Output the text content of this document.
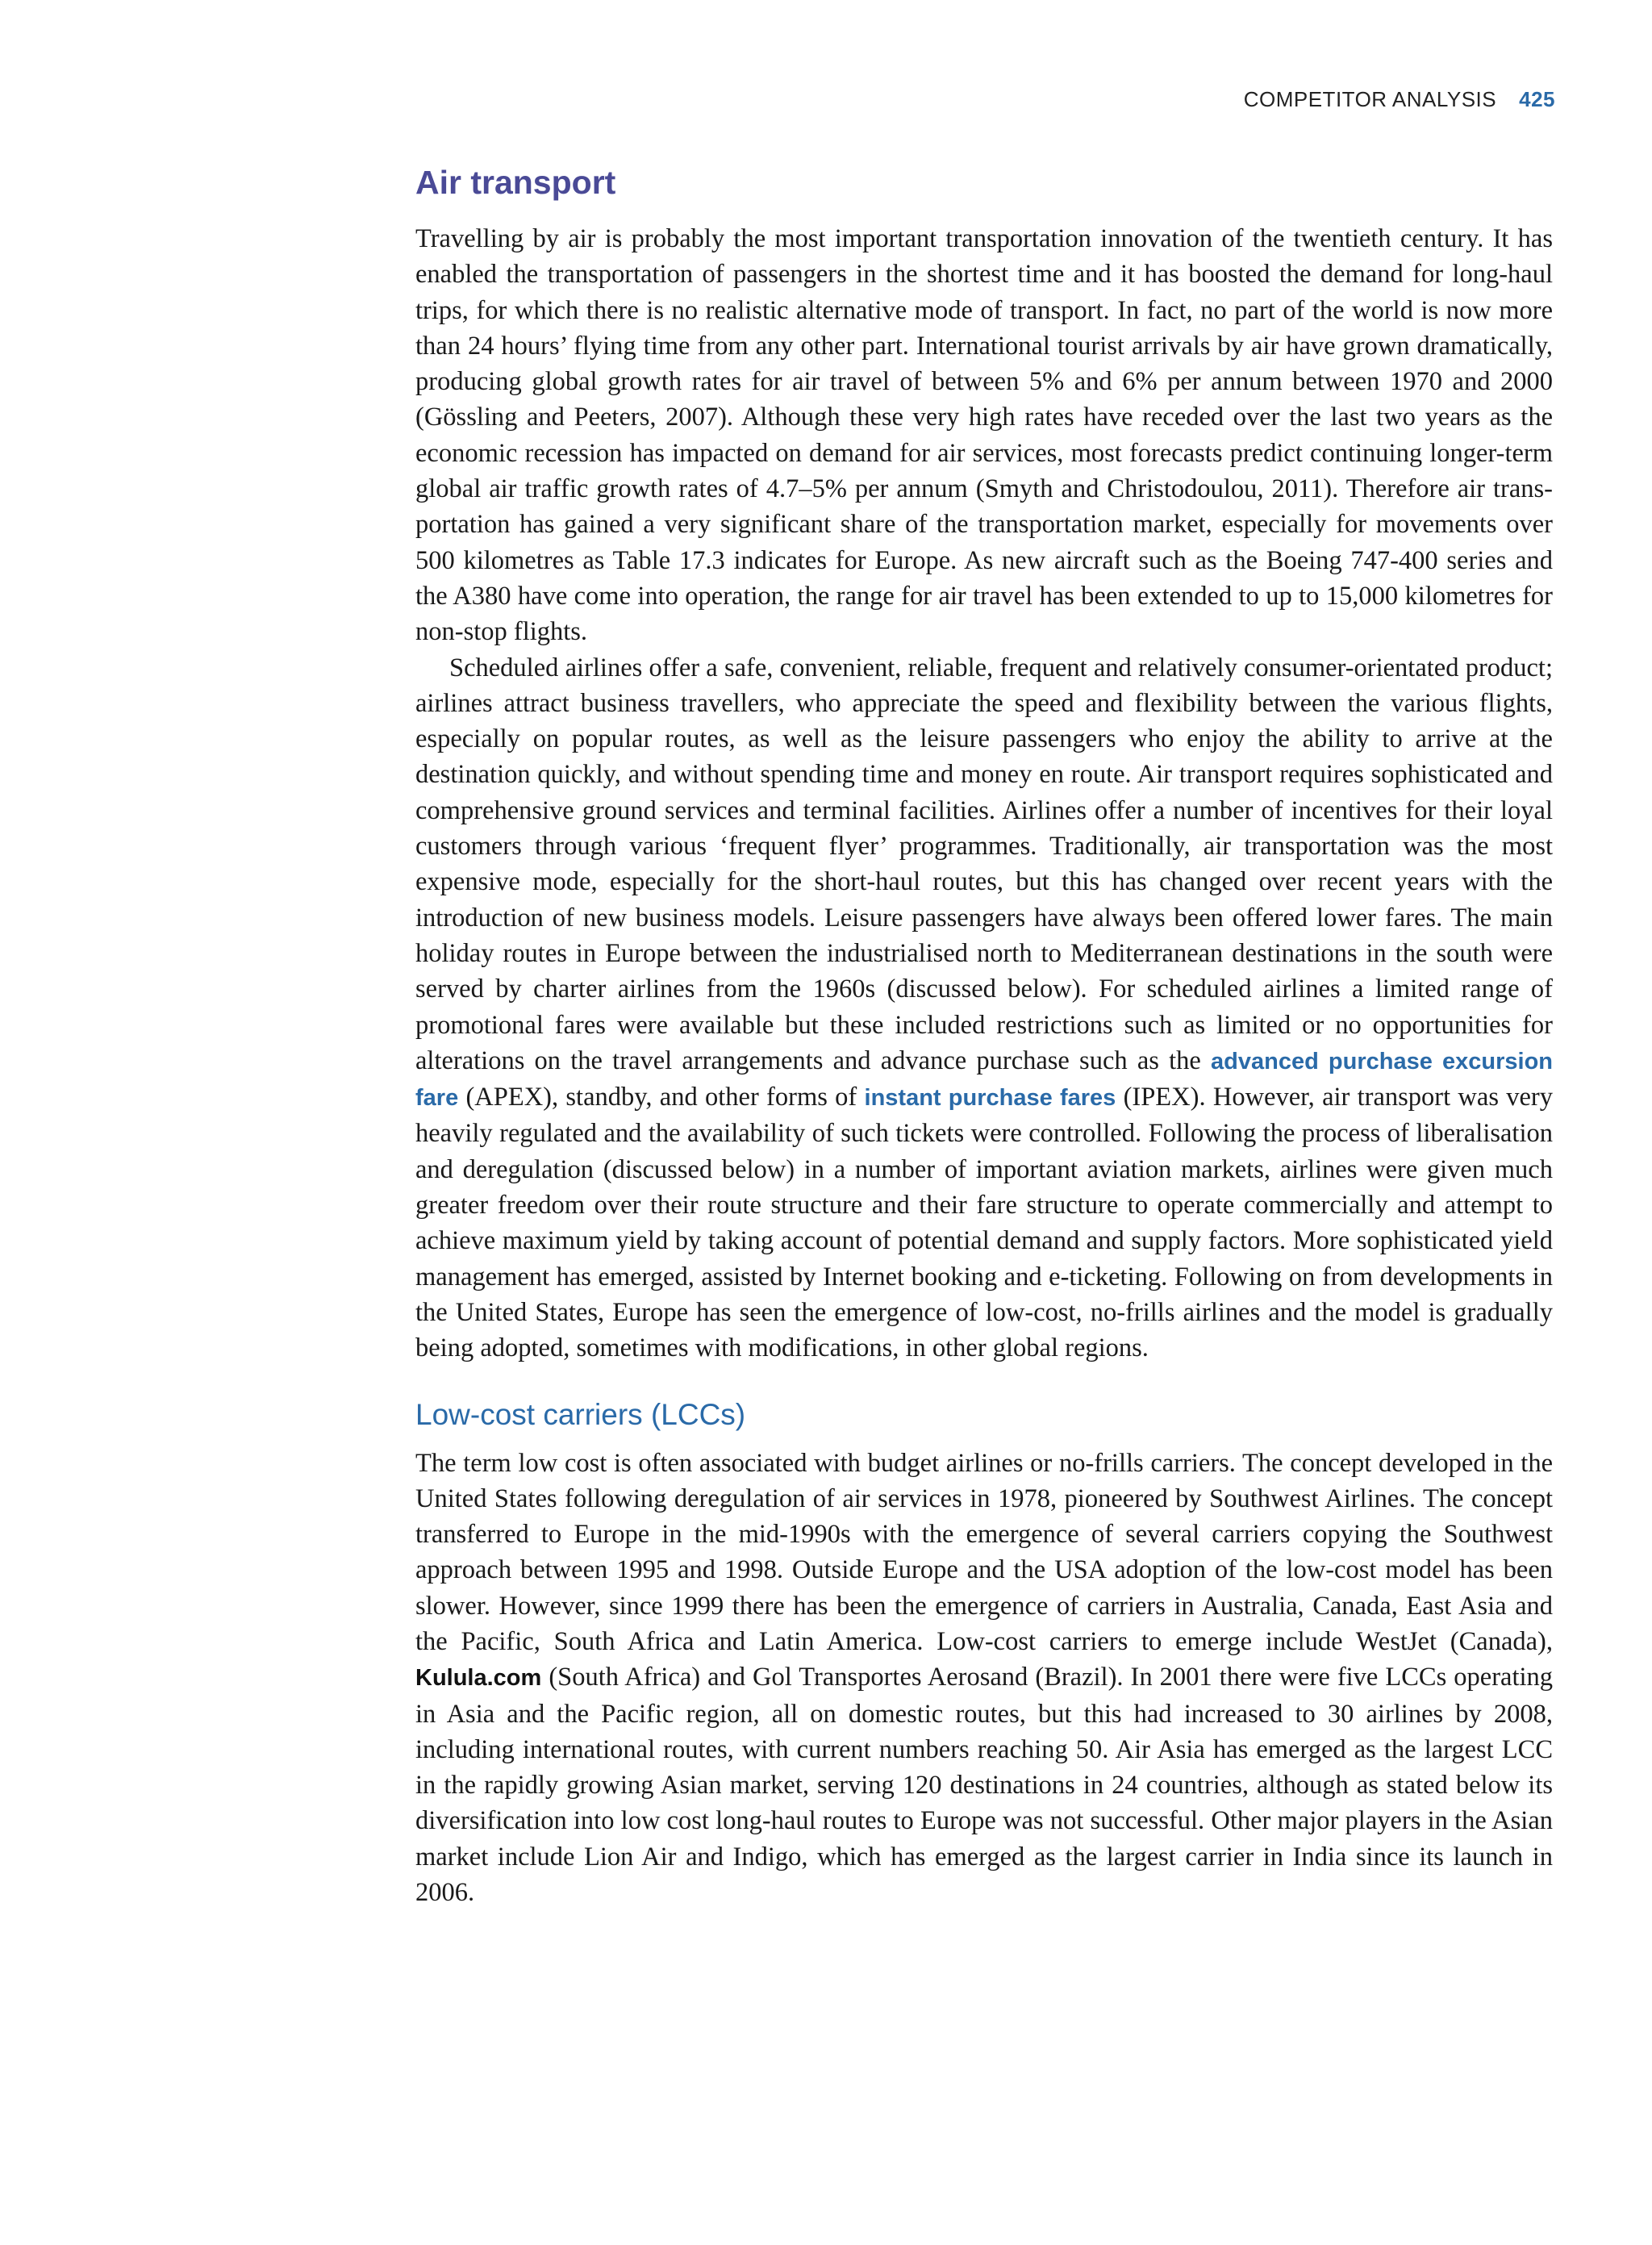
COMPETITOR ANALYSIS 425
Air transport

Travelling by air is probably the most important transportation innovation of the twentieth century. It has enabled the transportation of passengers in the shortest time and it has boosted the demand for long-haul trips, for which there is no realistic alternative mode of transport. In fact, no part of the world is now more than 24 hours’ flying time from any other part. International tourist arrivals by air have grown dramatically, producing global growth rates for air travel of between 5% and 6% per annum between 1970 and 2000 (Gössling and Peeters, 2007). Although these very high rates have receded over the last two years as the economic recession has impacted on demand for air services, most forecasts predict continuing longer-term global air traffic growth rates of 4.7–5% per annum (Smyth and Christodoulou, 2011). Therefore air transportation has gained a very significant share of the transportation market, especially for movements over 500 kilometres as Table 17.3 indicates for Europe. As new aircraft such as the Boeing 747-400 series and the A380 have come into operation, the range for air travel has been extended to up to 15,000 kilometres for non-stop flights.

Scheduled airlines offer a safe, convenient, reliable, frequent and relatively consumer-orientated product; airlines attract business travellers, who appreciate the speed and flexibility between the various flights, especially on popular routes, as well as the leisure passengers who enjoy the ability to arrive at the destination quickly, and without spending time and money en route. Air transport requires sophisticated and comprehensive ground services and terminal facilities. Airlines offer a number of incentives for their loyal customers through various ‘frequent flyer’ programmes. Traditionally, air transportation was the most expensive mode, especially for the short-haul routes, but this has changed over recent years with the introduction of new business models. Leisure passengers have always been offered lower fares. The main holiday routes in Europe between the industrialised north to Mediterranean destinations in the south were served by charter airlines from the 1960s (discussed below). For scheduled airlines a limited range of promotional fares were available but these included restrictions such as limited or no opportunities for alterations on the travel arrangements and advance purchase such as the advanced purchase excursion fare (APEX), standby, and other forms of instant purchase fares (IPEX). However, air transport was very heavily regulated and the availability of such tickets were controlled. Following the process of liberalisation and deregulation (discussed below) in a number of important aviation markets, airlines were given much greater freedom over their route structure and their fare structure to operate commercially and attempt to achieve maximum yield by taking account of potential demand and supply factors. More sophisticated yield management has emerged, assisted by Internet booking and e-ticketing. Following on from developments in the United States, Europe has seen the emergence of low-cost, no-frills airlines and the model is gradually being adopted, sometimes with modifications, in other global regions.

Low-cost carriers (LCCs)

The term low cost is often associated with budget airlines or no-frills carriers. The concept developed in the United States following deregulation of air services in 1978, pioneered by Southwest Airlines. The concept transferred to Europe in the mid-1990s with the emergence of several carriers copying the Southwest approach between 1995 and 1998. Outside Europe and the USA adoption of the low-cost model has been slower. However, since 1999 there has been the emergence of carriers in Australia, Canada, East Asia and the Pacific, South Africa and Latin America. Low-cost carriers to emerge include WestJet (Canada), Kulula.com (South Africa) and Gol Transportes Aerosand (Brazil). In 2001 there were five LCCs operating in Asia and the Pacific region, all on domestic routes, but this had increased to 30 airlines by 2008, including international routes, with current numbers reaching 50. Air Asia has emerged as the largest LCC in the rapidly growing Asian market, serving 120 destinations in 24 countries, although as stated below its diversification into low cost long-haul routes to Europe was not successful. Other major players in the Asian market include Lion Air and Indigo, which has emerged as the largest carrier in India since its launch in 2006.
